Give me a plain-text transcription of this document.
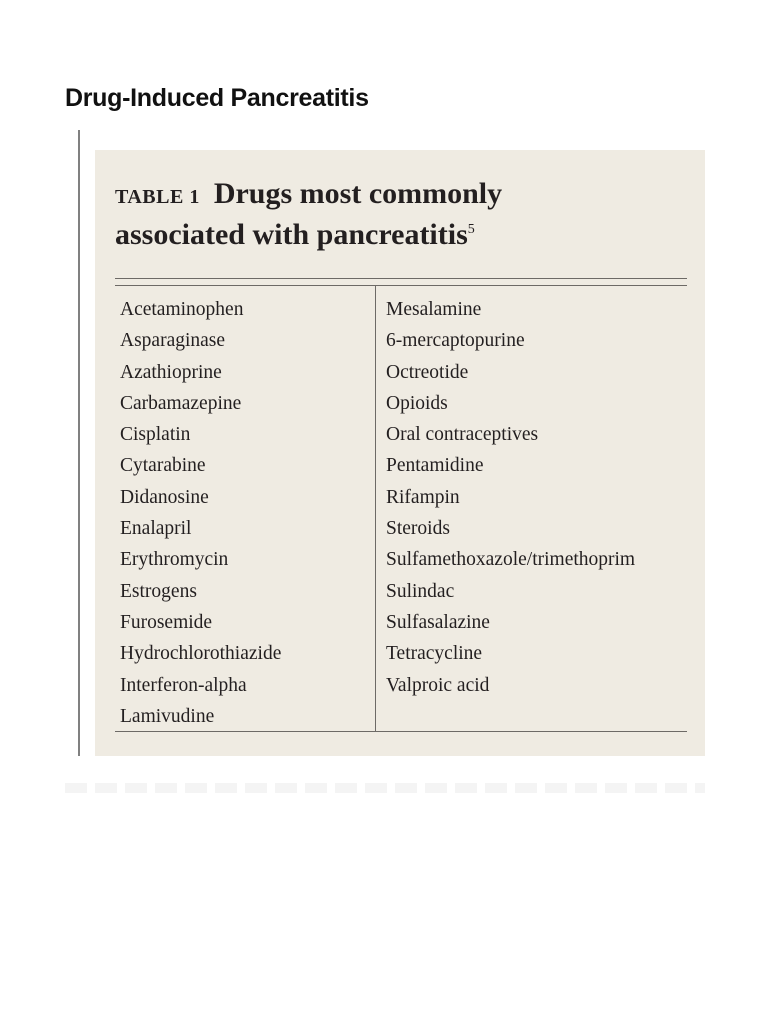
Drug-Induced Pancreatitis
TABLE 1 Drugs most commonly
associated with pancreatitis$^5$
Acetaminophen
Asparaginase
Azathioprine
Carbamazepine
Cisplatin
Cytarabine
Didanosine
Enalapril
Erythromycin
Estrogens
Furosemide
Hydrochlorothiazide
Interferon-alpha
Lamivudine
Mesalamine
6-mercaptopurine
Octreotide
Opioids
Oral contraceptives
Pentamidine
Rifampin
Steroids
Sulfamethoxazole/trimethoprim
Sulindac
Sulfasalazine
Tetracycline
Valproic acid
